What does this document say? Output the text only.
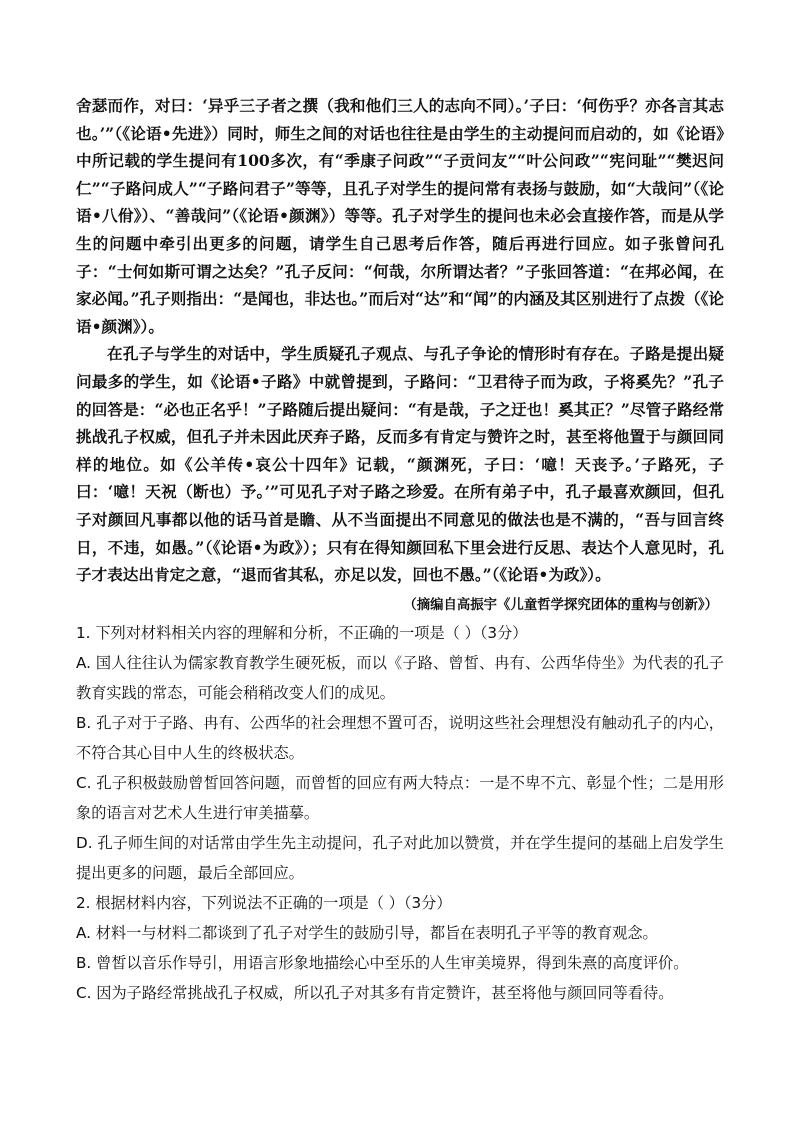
舍瑟而作，对曰：‘异乎三子者之撰（我和他们三人的志向不同）。’子曰：‘何伤乎？亦各言其志也。’”（《论语•先进》）同时，师生之间的对话也往往是由学生的主动提问而启动的，如《论语》中所记载的学生提问有100多次，有“季康子问政”“子贡问友”“叶公问政”“宪问耻”“樊迟问仁”“子路问成人”“子路问君子”等等，且孔子对学生的提问常有表扬与鼓励，如“大哉问”（《论语•八佾》）、“善哉问”（《论语•颜渊》）等等。孔子对学生的提问也未必会直接作答，而是从学生的问题中牵引出更多的问题，请学生自己思考后作答，随后再进行回应。如子张曾问孔子：“士何如斯可谓之达矣？”孔子反问：“何哉，尔所谓达者？”子张回答道：“在邦必闻，在家必闻。”孔子则指出：“是闻也，非达也。”而后对“达”和“闻”的内涵及其区别进行了点拨（《论语•颜渊》）。

在孔子与学生的对话中，学生质疑孔子观点、与孔子争论的情形时有存在。子路是提出疑问最多的学生，如《论语•子路》中就曾提到，子路问：“卫君待子而为政，子将奚先？”孔子的回答是：“必也正名乎！”子路随后提出疑问：“有是哉，子之迂也！奚其正？”尽管子路经常挑战孔子权威，但孔子并未因此厌弃子路，反而多有肯定与赞许之时，甚至将他置于与颜回同样的地位。如《公羊传•哀公十四年》记载，“颜渊死，子曰：‘噫！天丧予。’子路死，子曰：‘噫！天祝（断也）予。’”可见孔子对子路之珍爱。在所有弟子中，孔子最喜欢颜回，但孔子对颜回凡事都以他的话马首是瞻、从不当面提出不同意见的做法也是不满的，“吾与回言终日，不违，如愚。”（《论语•为政》）；只有在得知颜回私下里会进行反思、表达个人意见时，孔子才表达出肯定之意，“退而省其私，亦足以发，回也不愚。”（《论语•为政》）。

（摘编自高振宇《儿童哲学探究团体的重构与创新》）

1. 下列对材料相关内容的理解和分析，不正确的一项是（ ）（3分）

A. 国人往往认为儒家教育教学生硬死板，而以《子路、曾皙、冉有、公西华侍坐》为代表的孔子教育实践的常态，可能会稍稍改变人们的成见。

B. 孔子对于子路、冉有、公西华的社会理想不置可否，说明这些社会理想没有触动孔子的内心，不符合其心目中人生的终极状态。

C. 孔子积极鼓励曾皙回答问题，而曾皙的回应有两大特点：一是不卑不亢、彰显个性；二是用形象的语言对艺术人生进行审美描摹。

D. 孔子师生间的对话常由学生先主动提问，孔子对此加以赞赏，并在学生提问的基础上启发学生提出更多的问题，最后全部回应。

2. 根据材料内容，下列说法不正确的一项是（ ）（3分）

A. 材料一与材料二都谈到了孔子对学生的鼓励引导，都旨在表明孔子平等的教育观念。

B. 曾皙以音乐作导引，用语言形象地描绘心中至乐的人生审美境界，得到朱熹的高度评价。

C. 因为子路经常挑战孔子权威，所以孔子对其多有肯定赞许，甚至将他与颜回同等看待。
